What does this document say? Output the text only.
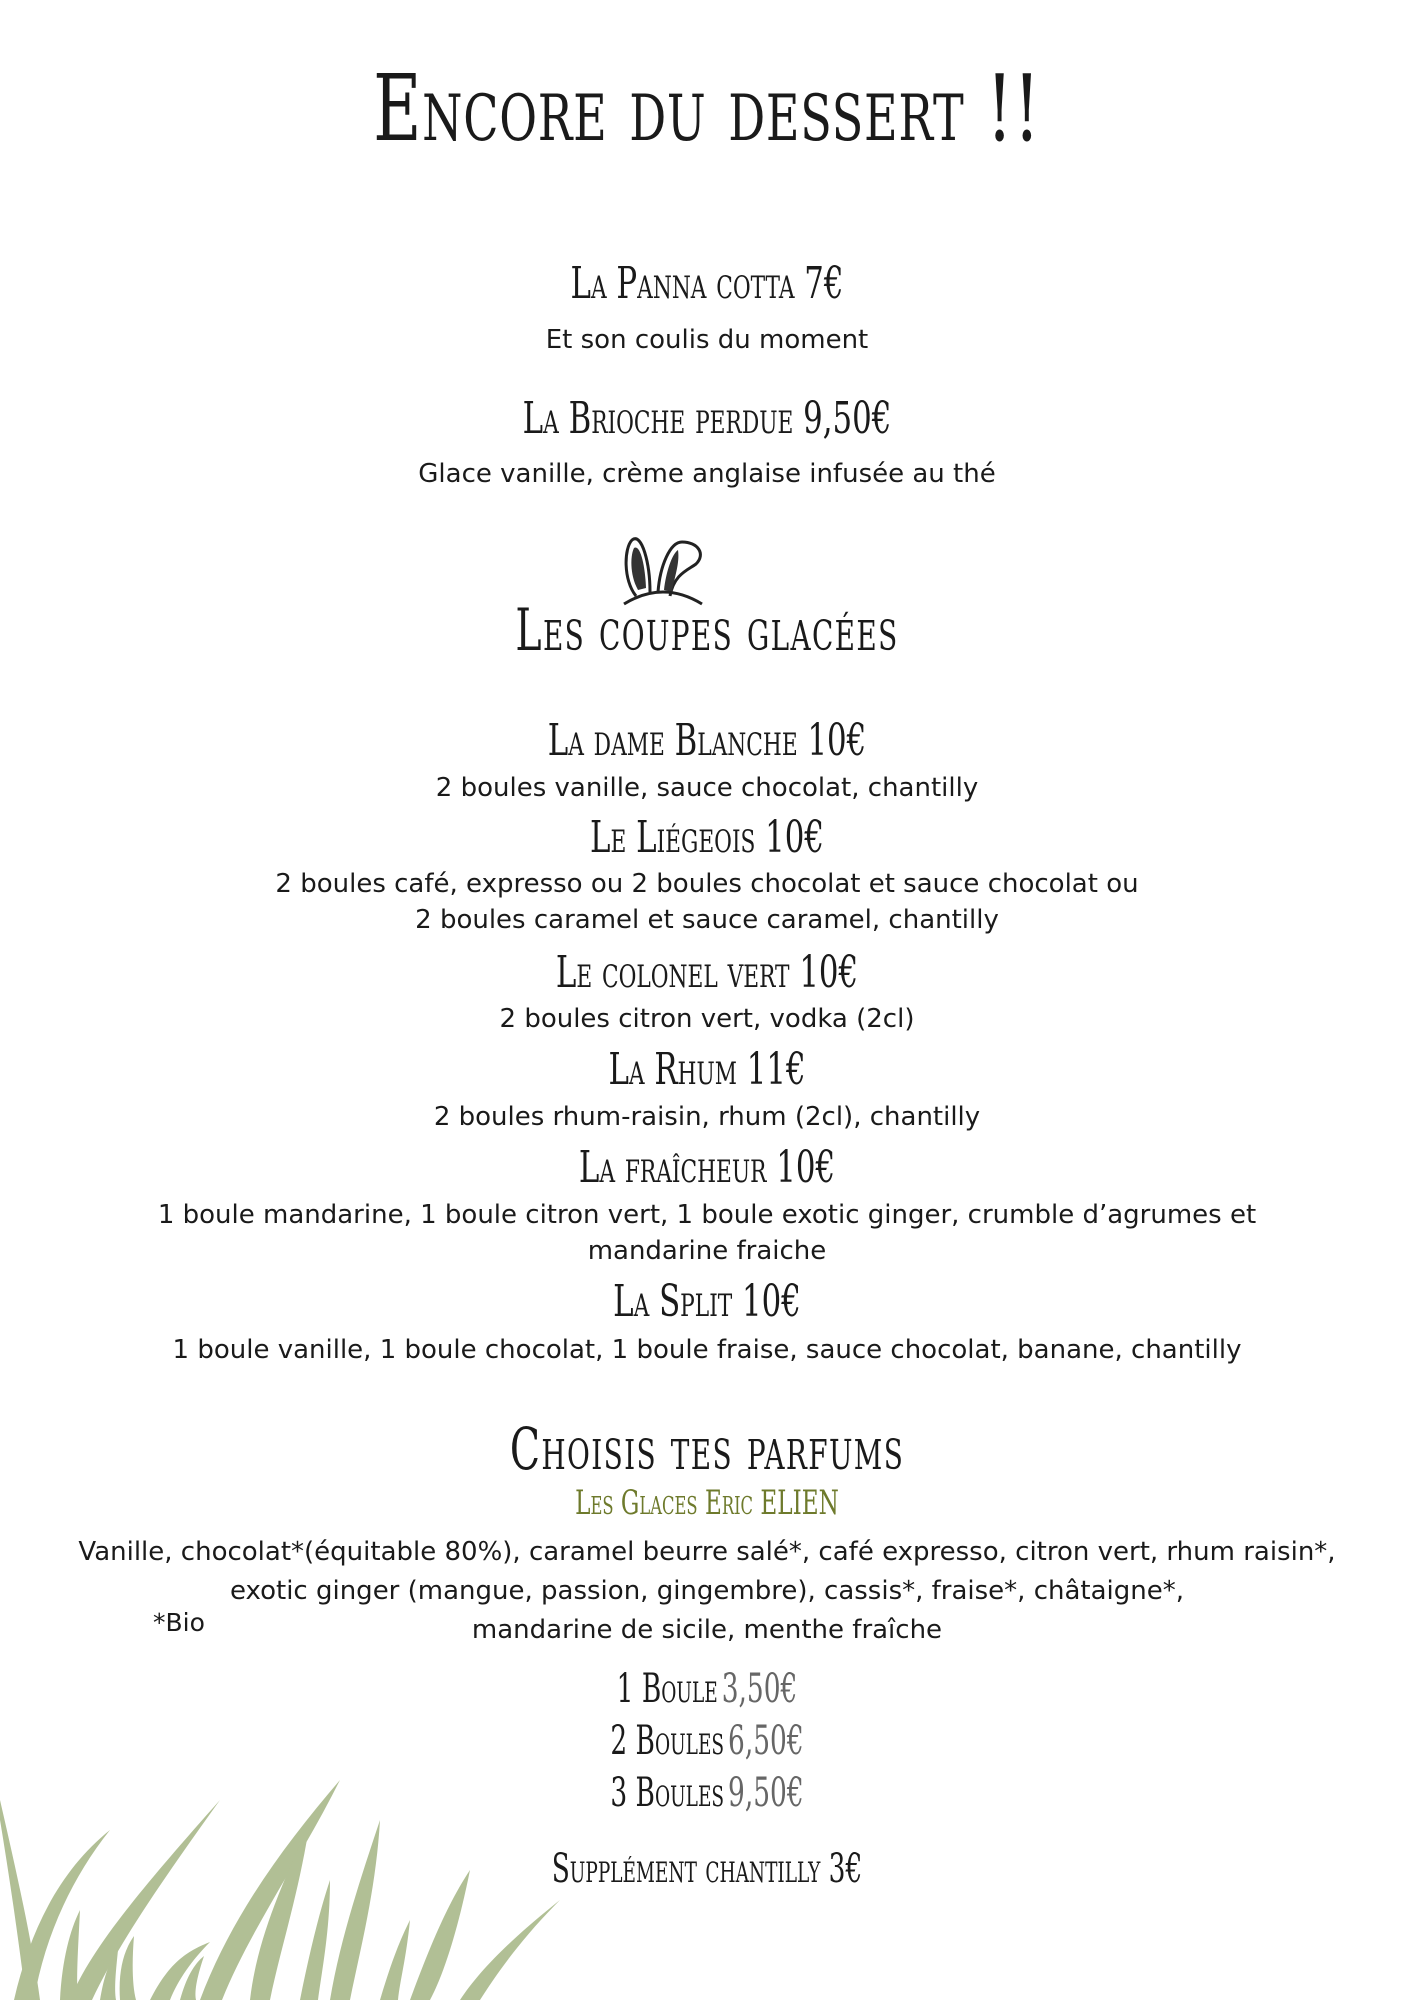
Encore du dessert !!
La Panna cotta 7€
Et son coulis du moment
La Brioche perdue 9,50€
Glace vanille, crème anglaise infusée au thé
Les coupes glacées
La dame Blanche 10€
2 boules vanille, sauce chocolat, chantilly
Le Liégeois 10€
2 boules café, expresso ou 2 boules chocolat et sauce chocolat ou
2 boules caramel et sauce caramel, chantilly
Le colonel vert 10€
2 boules citron vert, vodka (2cl)
La Rhum 11€
2 boules rhum-raisin, rhum (2cl), chantilly
La fraîcheur 10€
1 boule mandarine, 1 boule citron vert, 1 boule exotic ginger, crumble d’agrumes et
mandarine fraiche
La Split 10€
1 boule vanille, 1 boule chocolat, 1 boule fraise, sauce chocolat, banane, chantilly
Choisis tes parfums
Les Glaces Eric ELIEN
Vanille, chocolat*(équitable 80%), caramel beurre salé*, café expresso, citron vert, rhum raisin*,
exotic ginger (mangue, passion, gingembre), cassis*, fraise*, châtaigne*,
mandarine de sicile, menthe fraîche
*Bio
1 Boule3,50€
2 Boules6,50€
3 Boules9,50€
Supplément chantilly 3€
